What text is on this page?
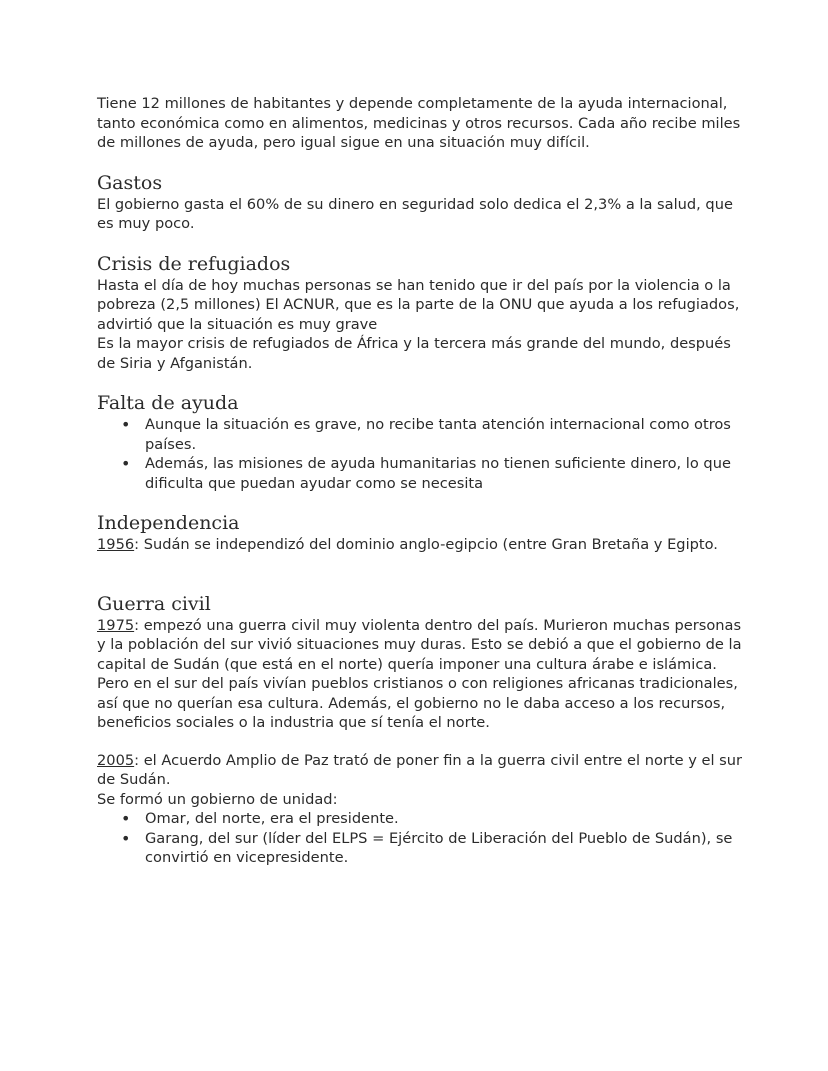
Tiene 12 millones de habitantes y depende completamente de la ayuda internacional, tanto económica como en alimentos, medicinas y otros recursos. Cada año recibe miles de millones de ayuda, pero igual sigue en una situación muy difícil.

Gastos

El gobierno gasta el 60% de su dinero en seguridad solo dedica el 2,3% a la salud, que es muy poco.

Crisis de refugiados

Hasta el día de hoy muchas personas se han tenido que ir del país por la violencia o la pobreza (2,5 millones) El ACNUR, que es la parte de la ONU que ayuda a los refugiados, advirtió que la situación es muy grave

Es la mayor crisis de refugiados de África y la tercera más grande del mundo, después de Siria y Afganistán.

Falta de ayuda
• Aunque la situación es grave, no recibe tanta atención internacional como otros países.
• Además, las misiones de ayuda humanitarias no tienen suficiente dinero, lo que dificulta que puedan ayudar como se necesita
Independencia

1956: Sudán se independizó del dominio anglo-egipcio (entre Gran Bretaña y Egipto.

Guerra civil

1975: empezó una guerra civil muy violenta dentro del país. Murieron muchas personas y la población del sur vivió situaciones muy duras. Esto se debió a que el gobierno de la capital de Sudán (que está en el norte) quería imponer una cultura árabe e islámica. Pero en el sur del país vivían pueblos cristianos o con religiones africanas tradicionales, así que no querían esa cultura. Además, el gobierno no le daba acceso a los recursos, beneficios sociales o la industria que sí tenía el norte.

2005: el Acuerdo Amplio de Paz trató de poner fin a la guerra civil entre el norte y el sur de Sudán.

Se formó un gobierno de unidad:

• Omar, del norte, era el presidente.
• Garang, del sur (líder del ELPS = Ejército de Liberación del Pueblo de Sudán), se convirtió en vicepresidente.
